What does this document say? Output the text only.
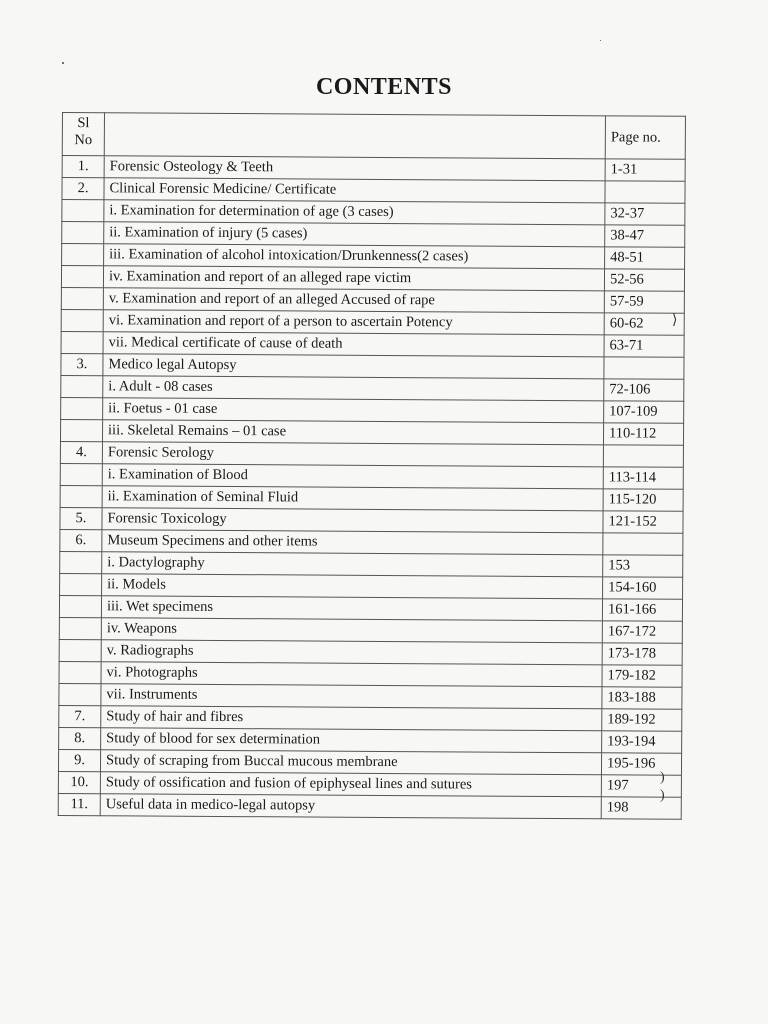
CONTENTS
Sl No		Page no.
1.	Forensic Osteology & Teeth	1-31
2.	Clinical Forensic Medicine/ Certificate	
	i. Examination for determination of age (3 cases)	32-37
	ii. Examination of injury (5 cases)	38-47
	iii. Examination of alcohol intoxication/Drunkenness(2 cases)	48-51
	iv. Examination and report of an alleged rape victim	52-56
	v. Examination and report of an alleged Accused of rape	57-59
	vi. Examination and report of a person to ascertain Potency	60-62
	vii. Medical certificate of cause of death	63-71
3.	Medico legal Autopsy	
	i. Adult - 08 cases	72-106
	ii. Foetus - 01 case	107-109
	iii. Skeletal Remains – 01 case	110-112
4.	Forensic Serology	
	i. Examination of Blood	113-114
	ii. Examination of Seminal Fluid	115-120
5.	Forensic Toxicology	121-152
6.	Museum Specimens and other items	
	i. Dactylography	153
	ii. Models	154-160
	iii. Wet specimens	161-166
	iv. Weapons	167-172
	v. Radiographs	173-178
	vi. Photographs	179-182
	vii. Instruments	183-188
7.	Study of hair and fibres	189-192
8.	Study of blood for sex determination	193-194
9.	Study of scraping from Buccal mucous membrane	195-196
10.	Study of ossification and fusion of epiphyseal lines and sutures	197
11.	Useful data in medico-legal autopsy	198
⟩
)
)
